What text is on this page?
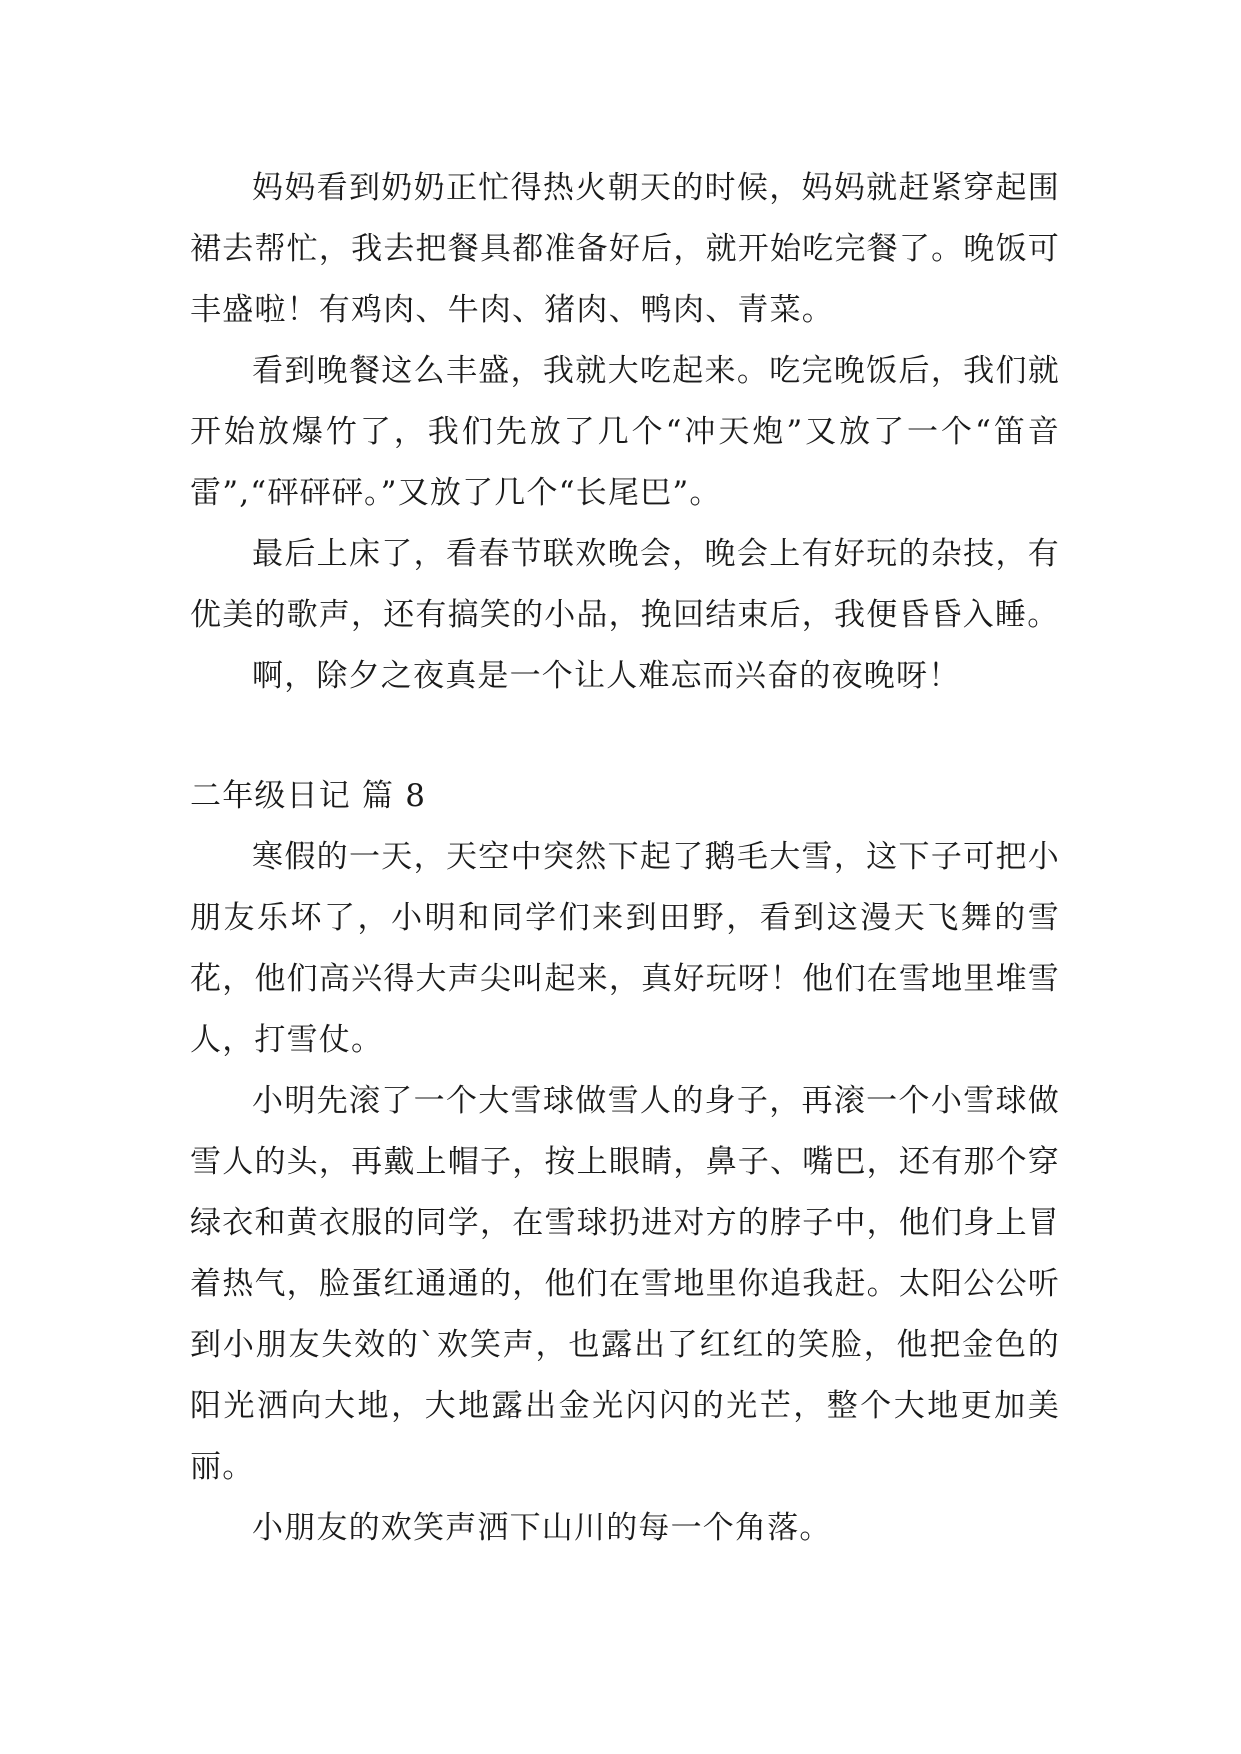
妈妈看到奶奶正忙得热火朝天的时候，妈妈就赶紧穿起围裙去帮忙，我去把餐具都准备好后，就开始吃完餐了。晚饭可丰盛啦！有鸡肉、牛肉、猪肉、鸭肉、青菜。

看到晚餐这么丰盛，我就大吃起来。吃完晚饭后，我们就开始放爆竹了，我们先放了几个“冲天炮”又放了一个“笛音雷”,“砰砰砰。”又放了几个“长尾巴”。

最后上床了，看春节联欢晚会，晚会上有好玩的杂技，有优美的歌声，还有搞笑的小品，挽回结束后，我便昏昏入睡。

啊，除夕之夜真是一个让人难忘而兴奋的夜晚呀！

二年级日记 篇 8

寒假的一天，天空中突然下起了鹅毛大雪，这下子可把小朋友乐坏了，小明和同学们来到田野，看到这漫天飞舞的雪花，他们高兴得大声尖叫起来，真好玩呀！他们在雪地里堆雪人，打雪仗。

小明先滚了一个大雪球做雪人的身子，再滚一个小雪球做雪人的头，再戴上帽子，按上眼睛，鼻子、嘴巴，还有那个穿绿衣和黄衣服的同学，在雪球扔进对方的脖子中，他们身上冒着热气，脸蛋红通通的，他们在雪地里你追我赶。太阳公公听到小朋友失效的`欢笑声，也露出了红红的笑脸，他把金色的阳光洒向大地，大地露出金光闪闪的光芒，整个大地更加美丽。

小朋友的欢笑声洒下山川的每一个角落。
